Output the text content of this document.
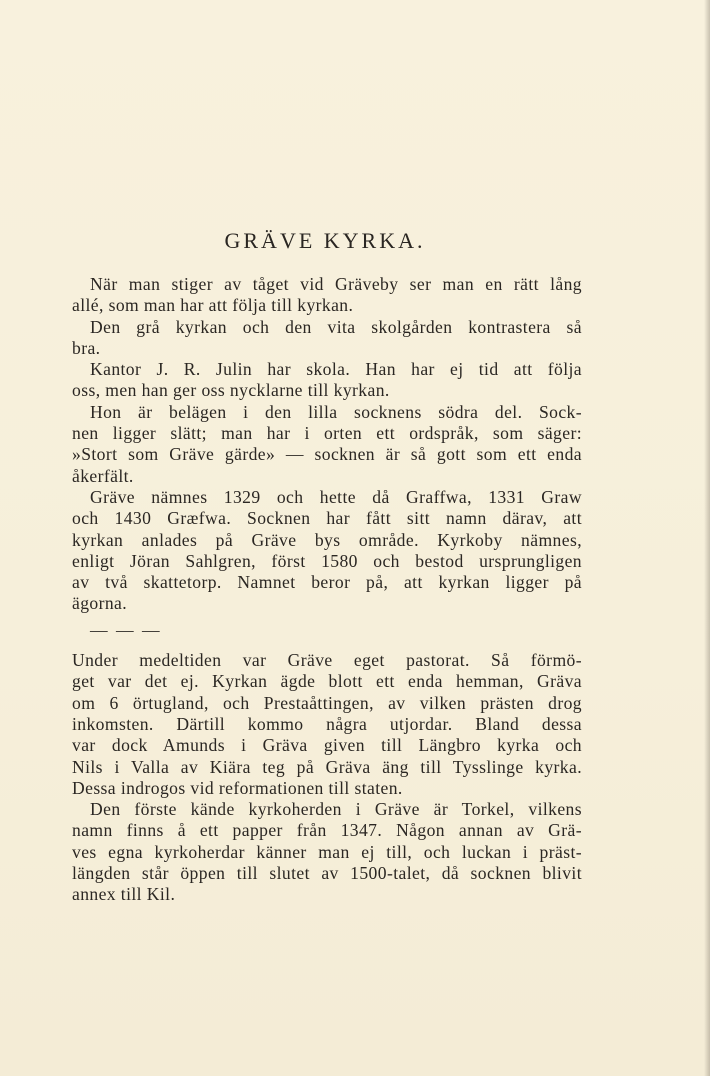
GRÄVE KYRKA.
När man stiger av tåget vid Gräveby ser man en rätt lång
allé, som man har att följa till kyrkan.
Den grå kyrkan och den vita skolgården kontrastera så
bra.
Kantor J. R. Julin har skola. Han har ej tid att följa
oss, men han ger oss nycklarne till kyrkan.
Hon är belägen i den lilla socknens södra del. Sock-
nen ligger slätt; man har i orten ett ordspråk, som säger:
»Stort som Gräve gärde» — socknen är så gott som ett enda
åkerfält.
Gräve nämnes 1329 och hette då Graffwa, 1331 Graw
och 1430 Græfwa. Socknen har fått sitt namn därav, att
kyrkan anlades på Gräve bys område. Kyrkoby nämnes,
enligt Jöran Sahlgren, först 1580 och bestod ursprungligen
av två skattetorp. Namnet beror på, att kyrkan ligger på
ägorna.
— — —
Under medeltiden var Gräve eget pastorat. Så förmö-
get var det ej. Kyrkan ägde blott ett enda hemman, Gräva
om 6 örtugland, och Prestaåttingen, av vilken prästen drog
inkomsten. Därtill kommo några utjordar. Bland dessa
var dock Amunds i Gräva given till Längbro kyrka och
Nils i Valla av Kiära teg på Gräva äng till Tysslinge kyrka.
Dessa indrogos vid reformationen till staten.
Den förste kände kyrkoherden i Gräve är Torkel, vilkens
namn finns å ett papper från 1347. Någon annan av Grä-
ves egna kyrkoherdar känner man ej till, och luckan i präst-
längden står öppen till slutet av 1500-talet, då socknen blivit
annex till Kil.
